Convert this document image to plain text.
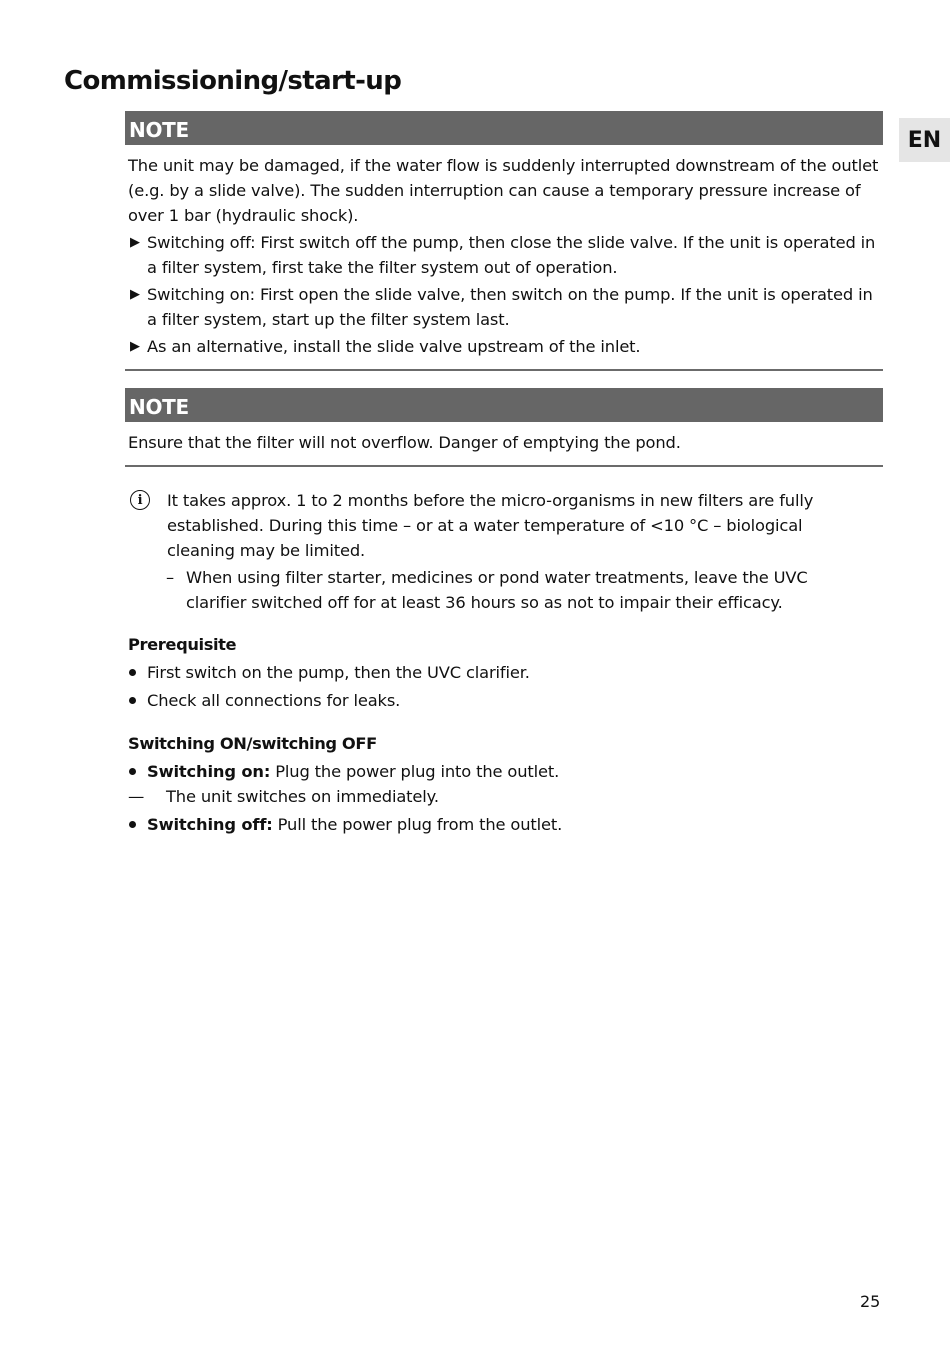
Commissioning/start-up
EN
NOTE

The unit may be damaged, if the water flow is suddenly interrupted downstream of the outlet (e.g. by a slide valve). The sudden interruption can cause a temporary pressure increase of over 1 bar (hydraulic shock).

▶ Switching off: First switch off the pump, then close the slide valve. If the unit is operated in a filter system, first take the filter system out of operation.
▶ Switching on: First open the slide valve, then switch on the pump. If the unit is operated in a filter system, start up the filter system last.
▶ As an alternative, install the slide valve upstream of the inlet.
NOTE

Ensure that the filter will not overflow. Danger of emptying the pond.

i	It takes approx. 1 to 2 months before the micro-organisms in new filters are fully established. During this time – or at a water temperature of <10 °C – biological cleaning may be limited.

– When using filter starter, medicines or pond water treatments, leave the UVC clarifier switched off for at least 36 hours so as not to impair their efficacy.
Prerequisite
First switch on the pump, then the UVC clarifier.
Check all connections for leaks.
Switching ON/switching OFF
Switching on: Plug the power plug into the outlet.
— The unit switches on immediately.
Switching off: Pull the power plug from the outlet.
25
